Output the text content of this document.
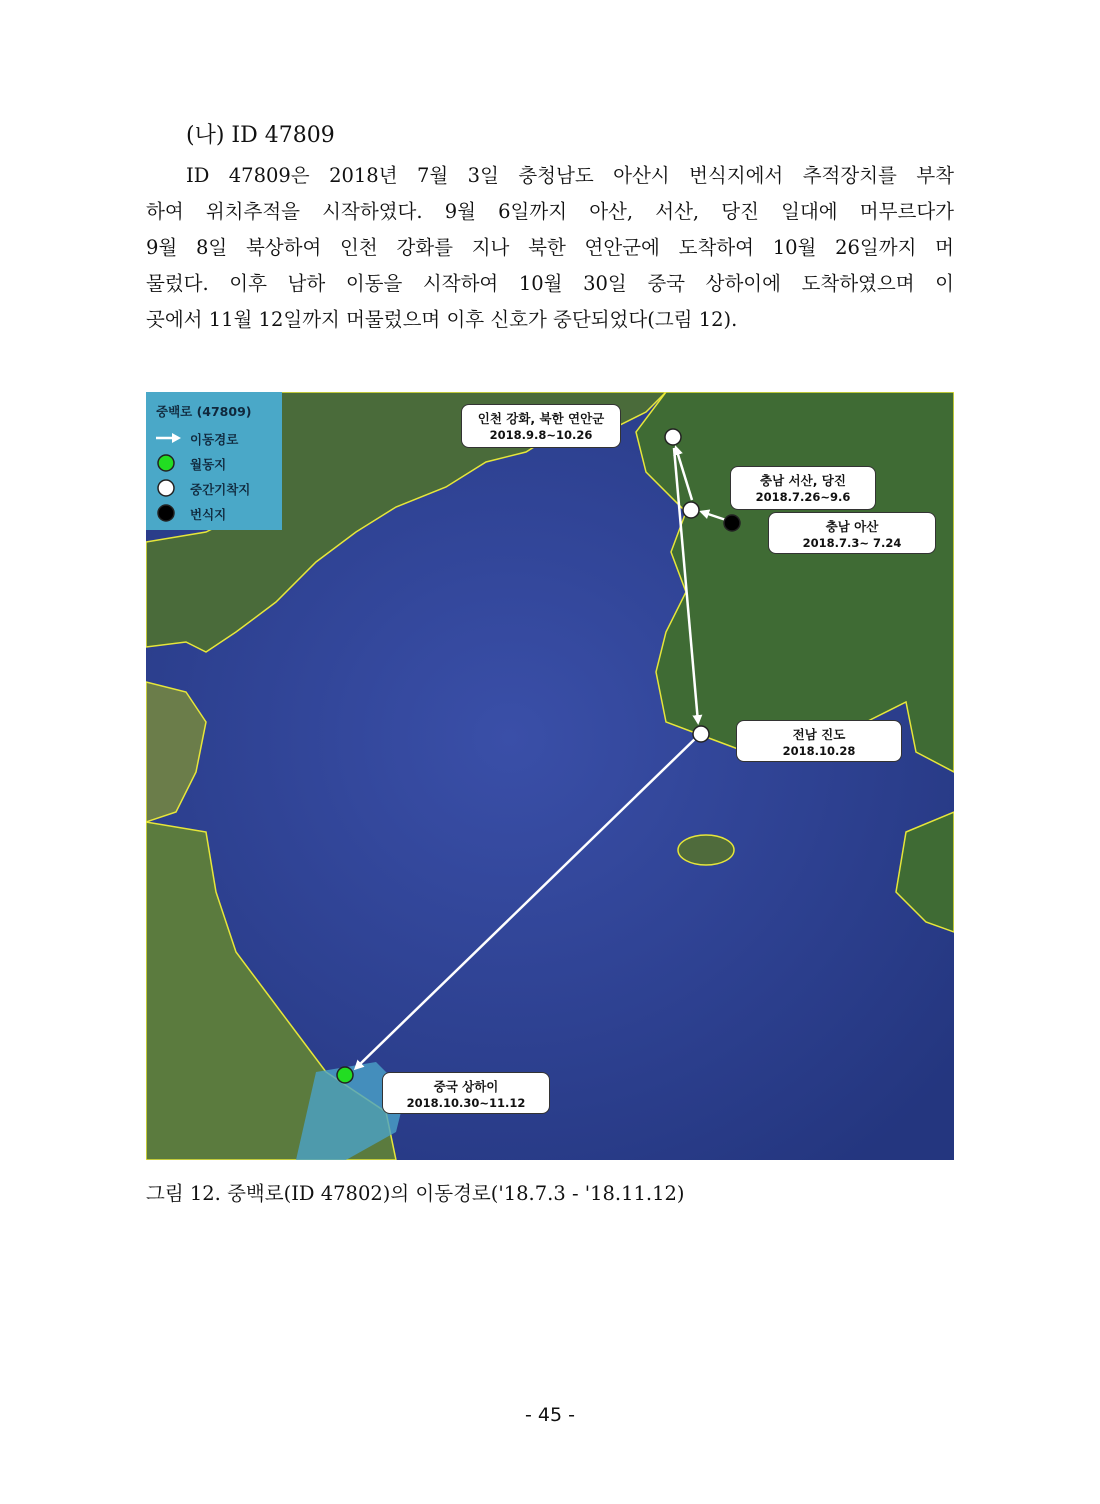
(나) ID 47809
ID 47809은 2018년 7월 3일 충청남도 아산시 번식지에서 추적장치를 부착
하여 위치추적을 시작하였다. 9월 6일까지 아산, 서산, 당진 일대에 머무르다가
9월 8일 북상하여 인천 강화를 지나 북한 연안군에 도착하여 10월 26일까지 머
물렀다. 이후 남하 이동을 시작하여 10월 30일 중국 상하이에 도착하였으며 이
곳에서 11월 12일까지 머물렀으며 이후 신호가 중단되었다(그림 12).
중백로 (47809)
이동경로
월동지
중간기착지
번식지
인천 강화, 북한 연안군
2018.9.8~10.26
충남 서산, 당진
2018.7.26~9.6
충남 아산
2018.7.3~ 7.24
전남 진도
2018.10.28
중국 상하이
2018.10.30~11.12
그림 12. 중백로(ID 47802)의 이동경로('18.7.3 - '18.11.12)
- 45 -
